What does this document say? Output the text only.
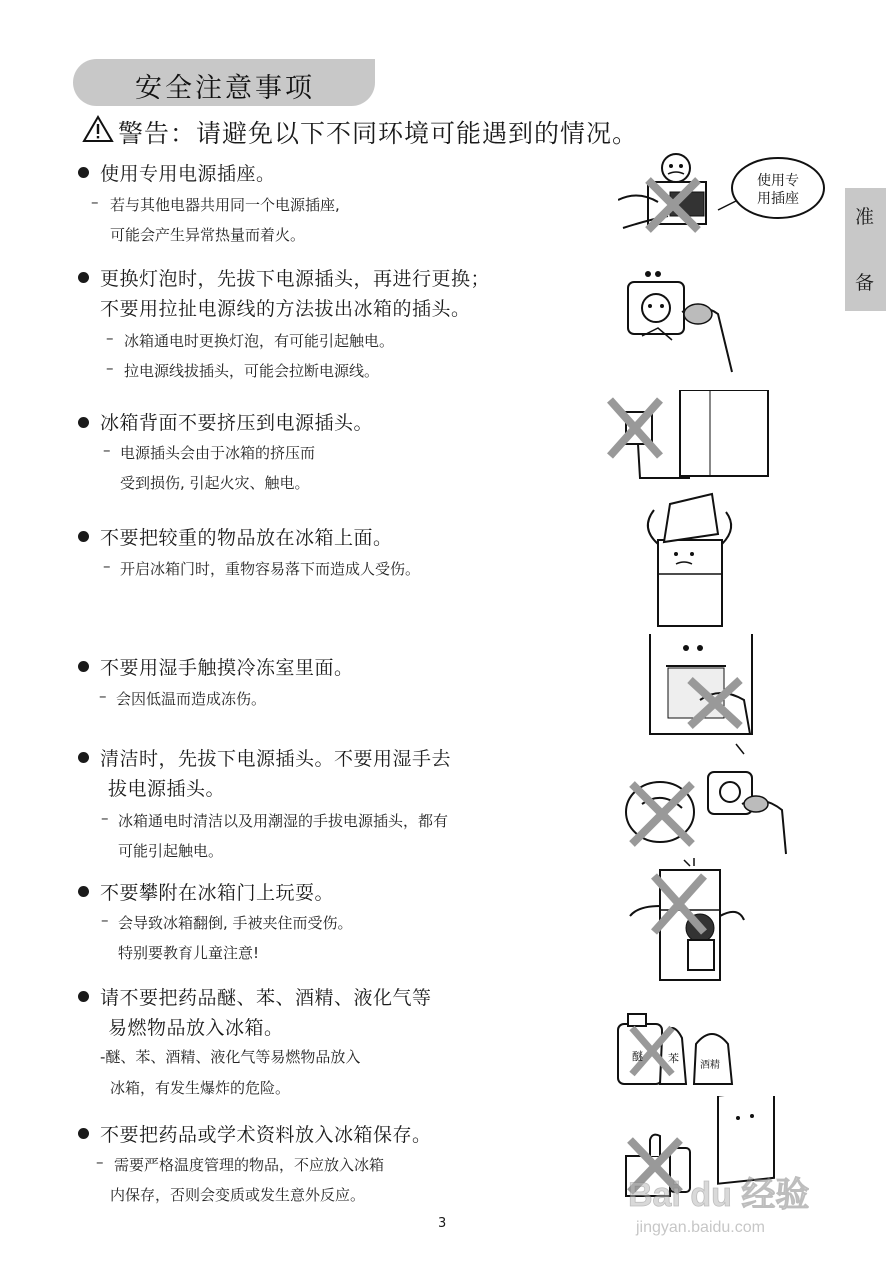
安全注意事项
警告：请避免以下不同环境可能遇到的情况。
准
备
使用专用电源插座。
– 若与其他电器共用同一个电源插座,
可能会产生异常热量而着火。
使用专
用插座
更换灯泡时，先拔下电源插头，再进行更换；
不要用拉扯电源线的方法拔出冰箱的插头。
– 冰箱通电时更换灯泡，有可能引起触电。
– 拉电源线拔插头，可能会拉断电源线。
冰箱背面不要挤压到电源插头。
– 电源插头会由于冰箱的挤压而
受到损伤, 引起火灾、触电。
不要把较重的物品放在冰箱上面。
– 开启冰箱门时，重物容易落下而造成人受伤。
不要用湿手触摸冷冻室里面。
– 会因低温而造成冻伤。
清洁时，先拔下电源插头。不要用湿手去
拔电源插头。
– 冰箱通电时清洁以及用潮湿的手拔电源插头，都有
可能引起触电。
不要攀附在冰箱门上玩耍。
– 会导致冰箱翻倒, 手被夹住而受伤。
特别要教育儿童注意!
请不要把药品醚、苯、酒精、液化气等
易燃物品放入冰箱。
-醚、苯、酒精、液化气等易燃物品放入
冰箱，有发生爆炸的危险。
醚 苯
酒精
不要把药品或学术资料放入冰箱保存。
– 需要严格温度管理的物品，不应放入冰箱
内保存，否则会变质或发生意外反应。
3
Bai du 经验
jingyan.baidu.com
